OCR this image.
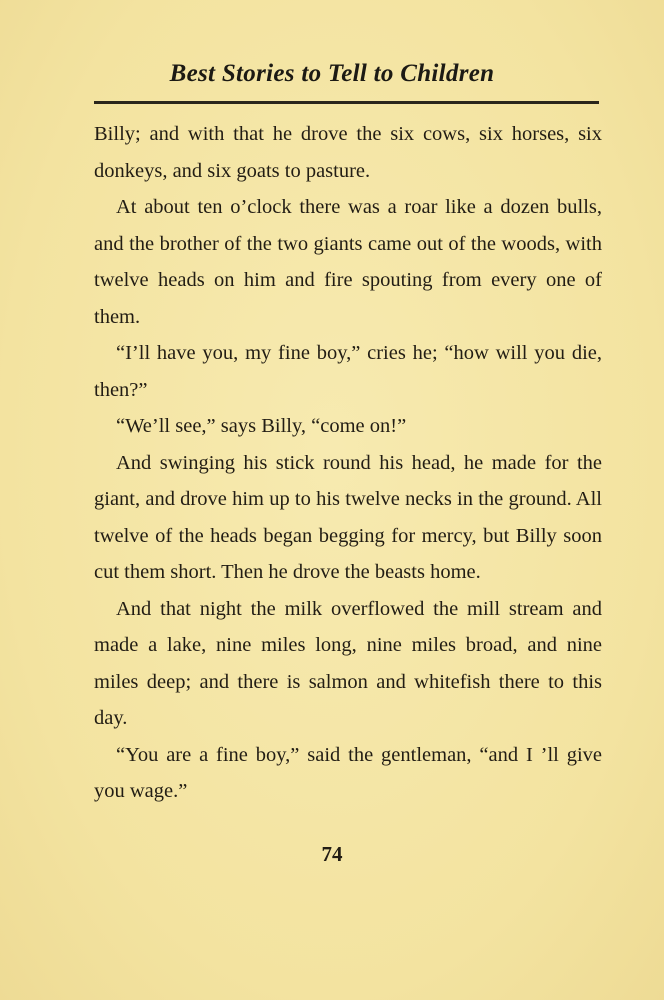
Best Stories to Tell to Children

Billy; and with that he drove the six cows, six horses, six donkeys, and six goats to pasture.

At about ten o’clock there was a roar like a dozen bulls, and the brother of the two giants came out of the woods, with twelve heads on him and fire spouting from every one of them.

“I’ll have you, my fine boy,” cries he; “how will you die, then?”

“We’ll see,” says Billy, “come on!”

And swinging his stick round his head, he made for the giant, and drove him up to his twelve necks in the ground. All twelve of the heads began begging for mercy, but Billy soon cut them short. Then he drove the beasts home.

And that night the milk overflowed the mill stream and made a lake, nine miles long, nine miles broad, and nine miles deep; and there is salmon and whitefish there to this day.

“You are a fine boy,” said the gentleman, “and I ’ll give you wage.”

74
